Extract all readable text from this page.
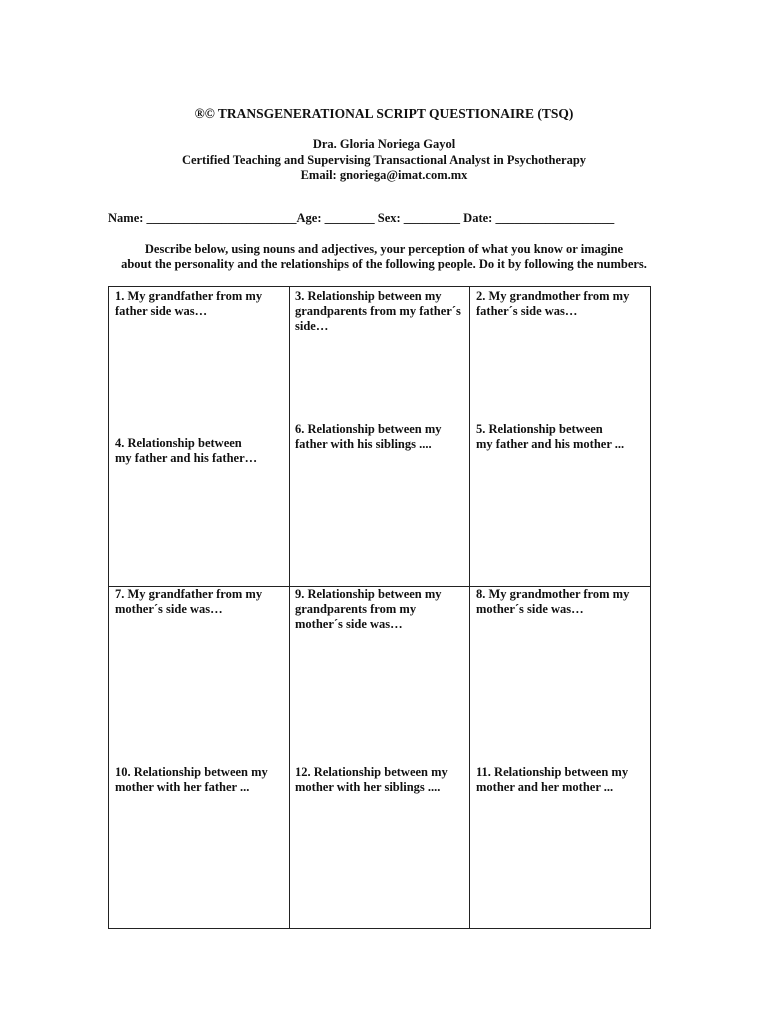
®© TRANSGENERATIONAL SCRIPT QUESTIONAIRE (TSQ)
Dra. Gloria Noriega Gayol
Certified Teaching and Supervising Transactional Analyst in Psychotherapy
Email: gnoriega@imat.com.mx
Name: ________________________Age: ________ Sex: _________ Date: ___________________
Describe below, using nouns and adjectives, your perception of what you know or imagine
about the personality and the relationships of the following people. Do it by following the numbers.
1. My grandfather from my
father side was…
3. Relationship between my
grandparents from my father´s
side…
2. My grandmother from my
father´s side was…
4. Relationship between
my father and his father…
6. Relationship between my
father with his siblings ....
5. Relationship between
my father and his mother ...
7. My grandfather from my
mother´s side was…
9. Relationship between my
grandparents from my
mother´s side was…
8. My grandmother from my
mother´s side was…
10. Relationship between my
mother with her father ...
12. Relationship between my
mother with her siblings ....
11. Relationship between my
mother and her mother ...
